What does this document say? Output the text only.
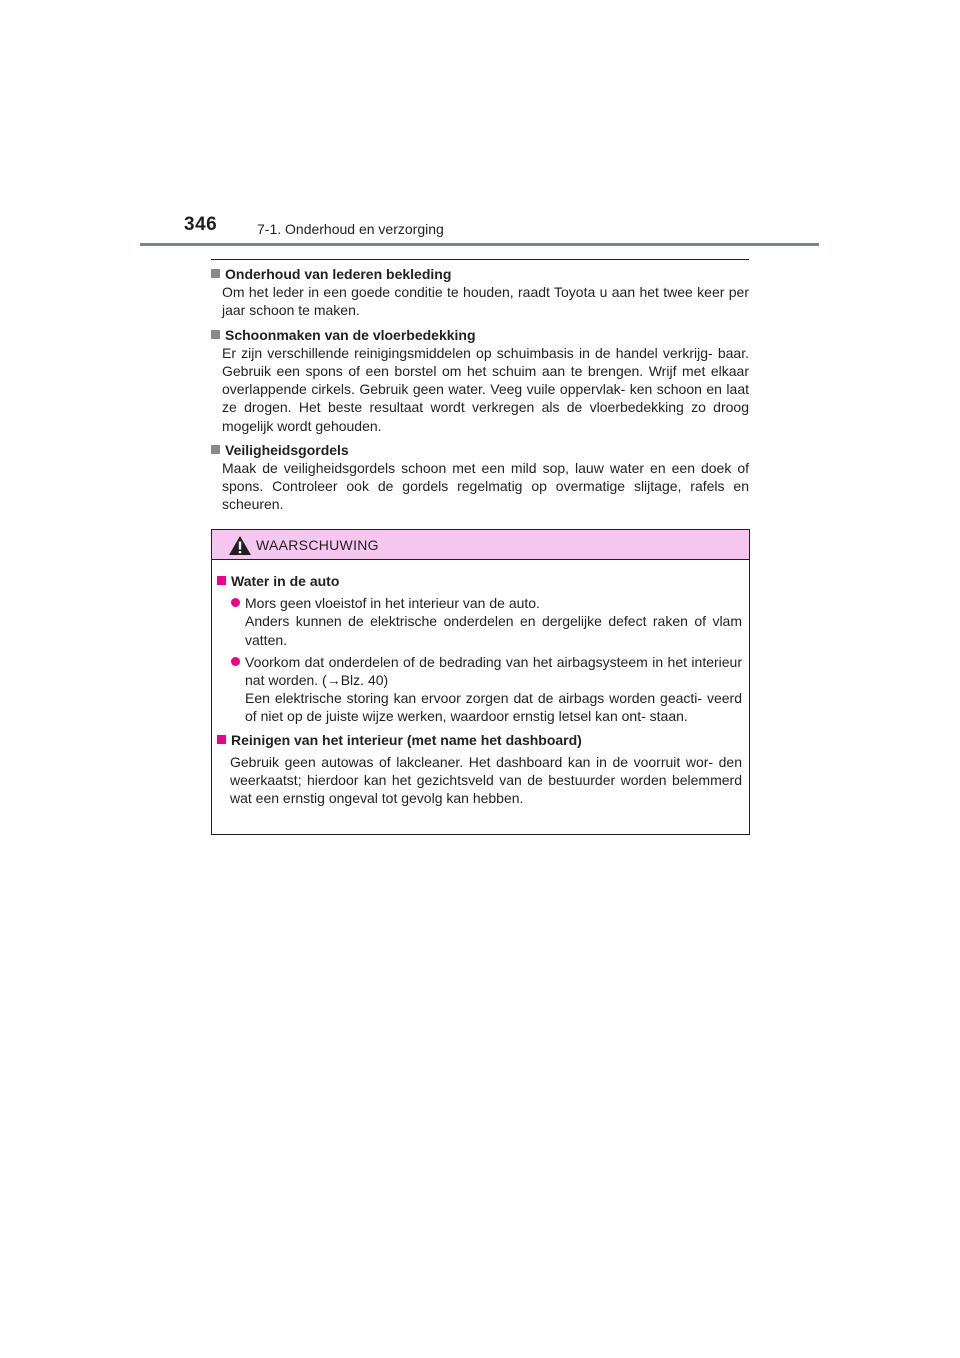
346	7-1. Onderhoud en verzorging
Onderhoud van lederen bekleding
Om het leder in een goede conditie te houden, raadt Toyota u aan het twee keer per jaar schoon te maken.
Schoonmaken van de vloerbedekking
Er zijn verschillende reinigingsmiddelen op schuimbasis in de handel verkrijg- baar. Gebruik een spons of een borstel om het schuim aan te brengen. Wrijf met elkaar overlappende cirkels. Gebruik geen water. Veeg vuile oppervlak- ken schoon en laat ze drogen. Het beste resultaat wordt verkregen als de vloerbedekking zo droog mogelijk wordt gehouden.
Veiligheidsgordels
Maak de veiligheidsgordels schoon met een mild sop, lauw water en een doek of spons. Controleer ook de gordels regelmatig op overmatige slijtage, rafels en scheuren.
WAARSCHUWING
Water in de auto
Mors geen vloeistof in het interieur van de auto.
Anders kunnen de elektrische onderdelen en dergelijke defect raken of vlam vatten.
Voorkom dat onderdelen of de bedrading van het airbagsysteem in het interieur nat worden. (→Blz. 40)
Een elektrische storing kan ervoor zorgen dat de airbags worden geacti- veerd of niet op de juiste wijze werken, waardoor ernstig letsel kan ont- staan.
Reinigen van het interieur (met name het dashboard)
Gebruik geen autowas of lakcleaner. Het dashboard kan in de voorruit wor- den weerkaatst; hierdoor kan het gezichtsveld van de bestuurder worden belemmerd wat een ernstig ongeval tot gevolg kan hebben.
